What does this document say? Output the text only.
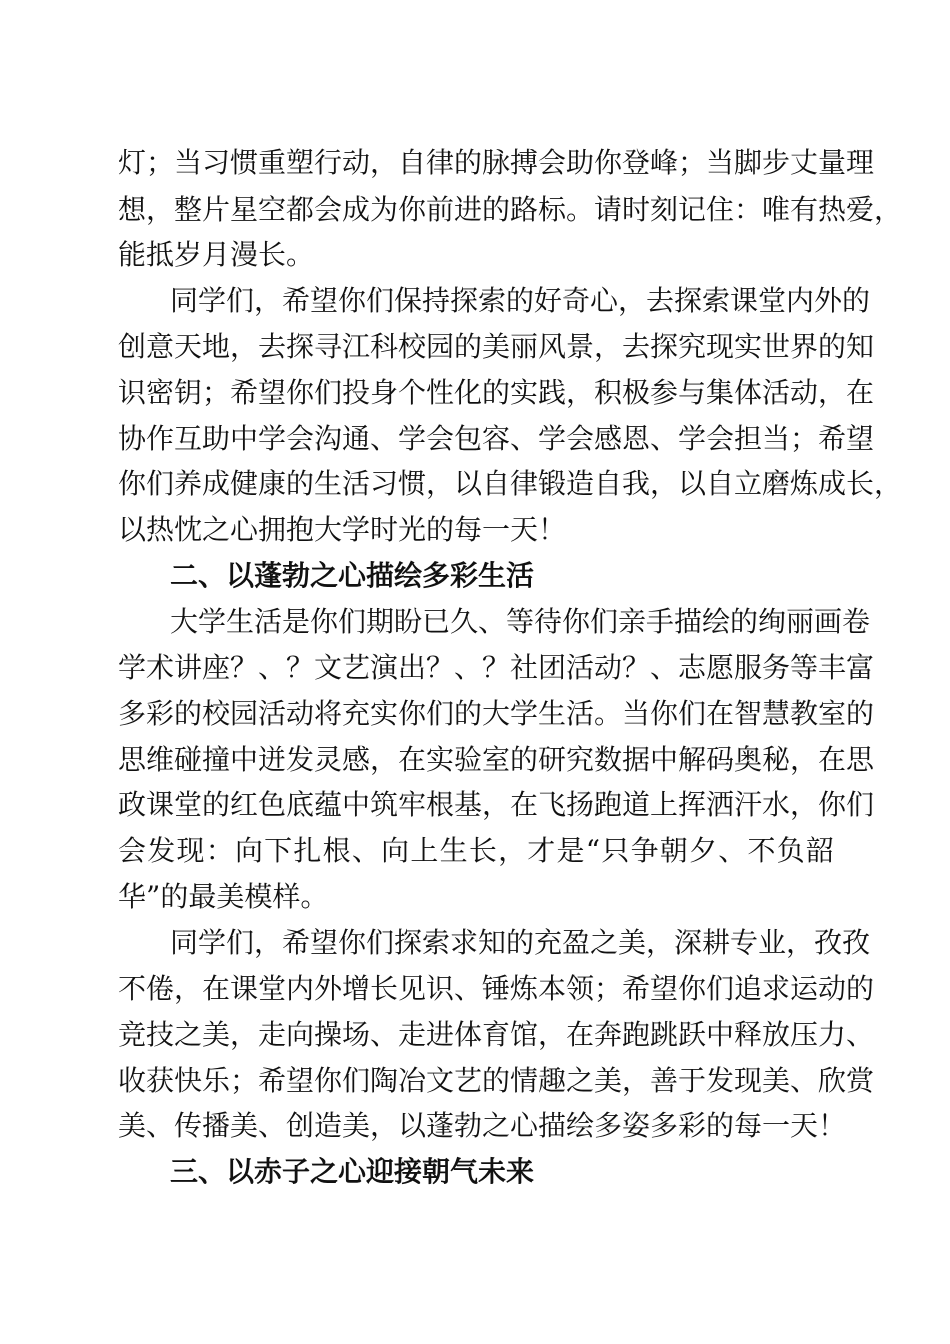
灯；当习惯重塑行动，自律的脉搏会助你登峰；当脚步丈量理
想，整片星空都会成为你前进的路标。请时刻记住：唯有热爱，
能抵岁月漫长。
同学们，希望你们保持探索的好奇心，去探索课堂内外的
创意天地，去探寻江科校园的美丽风景，去探究现实世界的知
识密钥；希望你们投身个性化的实践，积极参与集体活动，在
协作互助中学会沟通、学会包容、学会感恩、学会担当；希望
你们养成健康的生活习惯，以自律锻造自我，以自立磨炼成长，
以热忱之心拥抱大学时光的每一天！
二、以蓬勃之心描绘多彩生活
大学生活是你们期盼已久、等待你们亲手描绘的绚丽画卷
学术讲座？、？文艺演出？、？社团活动？、志愿服务等丰富
多彩的校园活动将充实你们的大学生活。当你们在智慧教室的
思维碰撞中迸发灵感，在实验室的研究数据中解码奥秘，在思
政课堂的红色底蕴中筑牢根基，在飞扬跑道上挥洒汗水，你们
会发现：向下扎根、向上生长，才是“只争朝夕、不负韶
华”的最美模样。
同学们，希望你们探索求知的充盈之美，深耕专业，孜孜
不倦，在课堂内外增长见识、锤炼本领；希望你们追求运动的
竞技之美，走向操场、走进体育馆，在奔跑跳跃中释放压力、
收获快乐；希望你们陶冶文艺的情趣之美，善于发现美、欣赏
美、传播美、创造美，以蓬勃之心描绘多姿多彩的每一天！
三、以赤子之心迎接朝气未来
